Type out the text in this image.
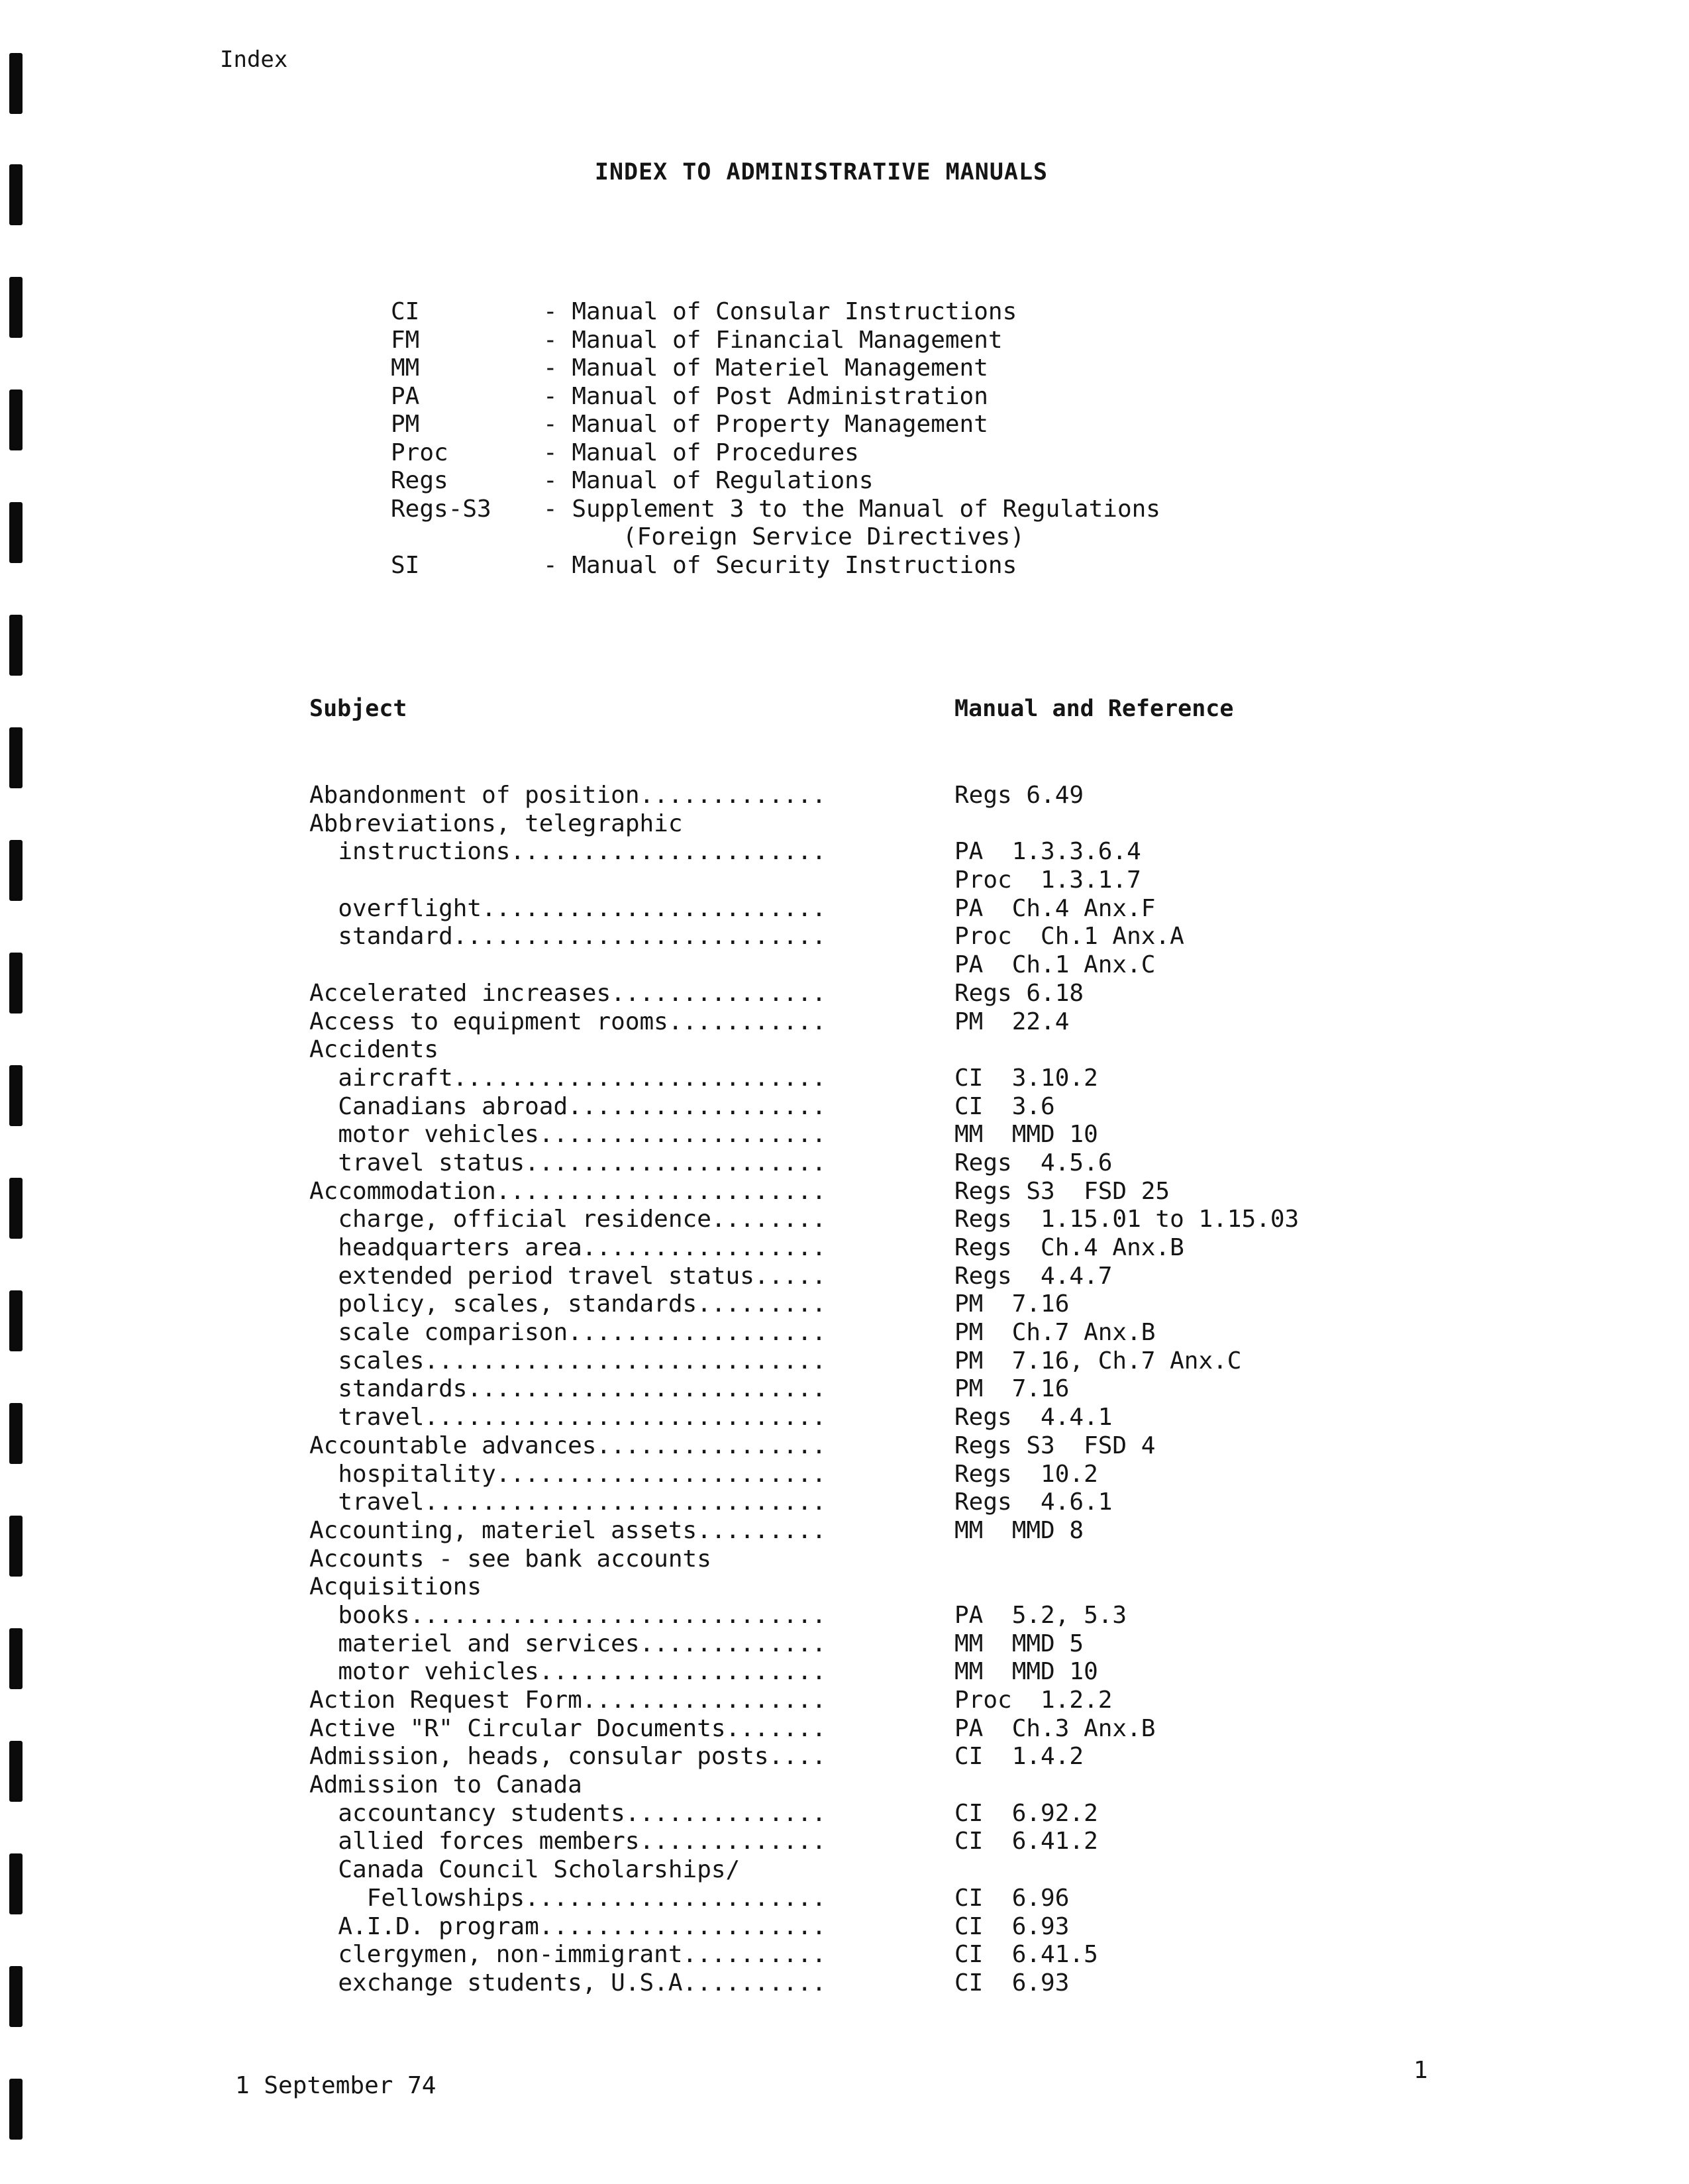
Index
INDEX TO ADMINISTRATIVE MANUALS
CI	- Manual of Consular Instructions
FM	- Manual of Financial Management
MM	- Manual of Materiel Management
PA	- Manual of Post Administration
PM	- Manual of Property Management
Proc	- Manual of Procedures
Regs	- Manual of Regulations
Regs-S3 - Supplement 3 to the Manual of Regulations
(Foreign Service Directives)
SI	- Manual of Security Instructions
Subject	Manual and Reference
Abandonment of position.............	Regs 6.49
Abbreviations, telegraphic
instructions......................	PA  1.3.3.6.4
Proc  1.3.1.7
overflight........................	PA  Ch.4 Anx.F
standard..........................	Proc  Ch.1 Anx.A
PA  Ch.1 Anx.C
Accelerated increases...............	Regs 6.18
Access to equipment rooms...........	PM  22.4
Accidents
aircraft..........................	CI  3.10.2
Canadians abroad..................	CI  3.6
motor vehicles....................	MM  MMD 10
travel status.....................	Regs  4.5.6
Accommodation.......................	Regs S3  FSD 25
charge, official residence........	Regs  1.15.01 to 1.15.03
headquarters area.................	Regs  Ch.4 Anx.B
extended period travel status.....	Regs  4.4.7
policy, scales, standards.........	PM  7.16
scale comparison..................	PM  Ch.7 Anx.B
scales............................	PM  7.16, Ch.7 Anx.C
standards.........................	PM  7.16
travel............................	Regs  4.4.1
Accountable advances................	Regs S3  FSD 4
hospitality.......................	Regs  10.2
travel............................	Regs  4.6.1
Accounting, materiel assets.........	MM  MMD 8
Accounts - see bank accounts
Acquisitions
books.............................	PA  5.2, 5.3
materiel and services.............	MM  MMD 5
motor vehicles....................	MM  MMD 10
Action Request Form.................	Proc  1.2.2
Active "R" Circular Documents.......	PA  Ch.3 Anx.B
Admission, heads, consular posts....	CI  1.4.2
Admission to Canada
accountancy students..............	CI  6.92.2
allied forces members.............	CI  6.41.2
Canada Council Scholarships/
Fellowships.....................	CI  6.96
A.I.D. program....................	CI  6.93
clergymen, non-immigrant..........	CI  6.41.5
exchange students, U.S.A..........	CI  6.93
1 September 74
1
